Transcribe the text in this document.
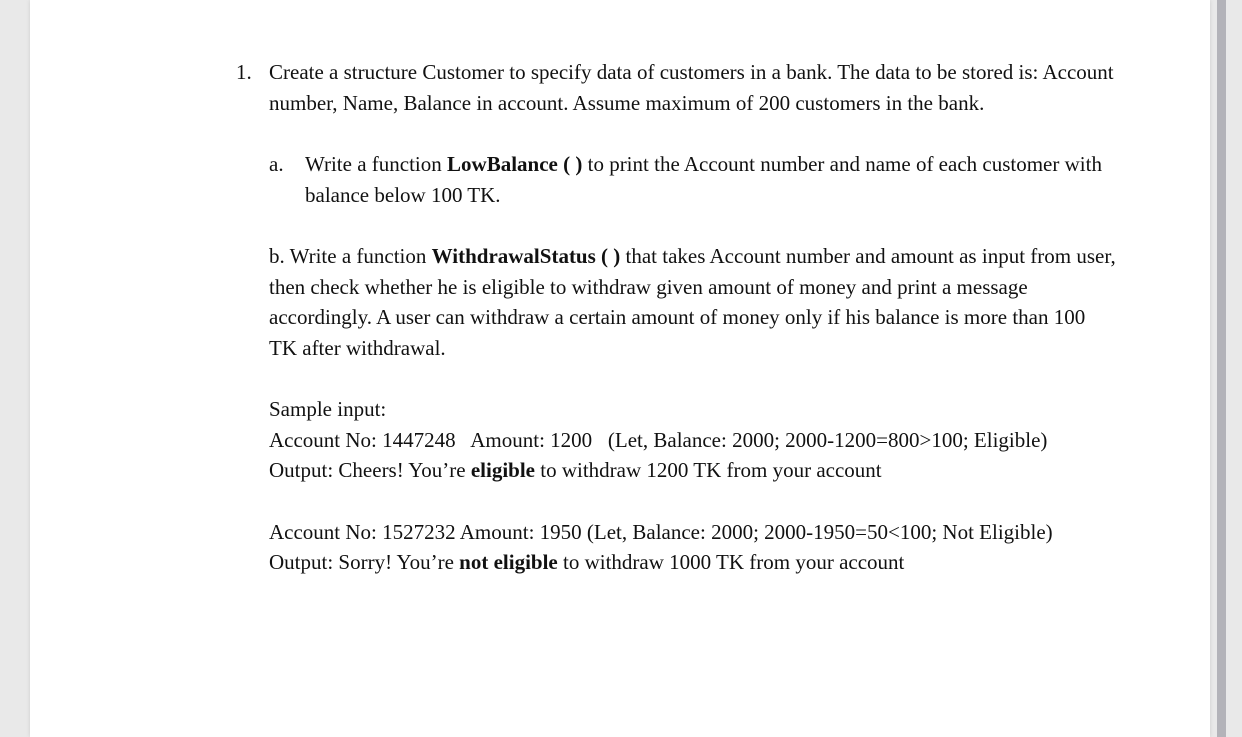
1. Create a structure Customer to specify data of customers in a bank. The data to be stored is: Account number, Name, Balance in account. Assume maximum of 200 customers in the bank.
a. Write a function LowBalance ( ) to print the Account number and name of each customer with balance below 100 TK.

b. Write a function WithdrawalStatus ( ) that takes Account number and amount as input from user, then check whether he is eligible to withdraw given amount of money and print a message accordingly. A user can withdraw a certain amount of money only if his balance is more than 100 TK after withdrawal.

Sample input:

Account No: 1447248   Amount: 1200   (Let, Balance: 2000; 2000-1200=800>100; Eligible)

Output: Cheers! You’re eligible to withdraw 1200 TK from your account

Account No: 1527232 Amount: 1950 (Let, Balance: 2000; 2000-1950=50<100; Not Eligible)

Output: Sorry! You’re not eligible to withdraw 1000 TK from your account
